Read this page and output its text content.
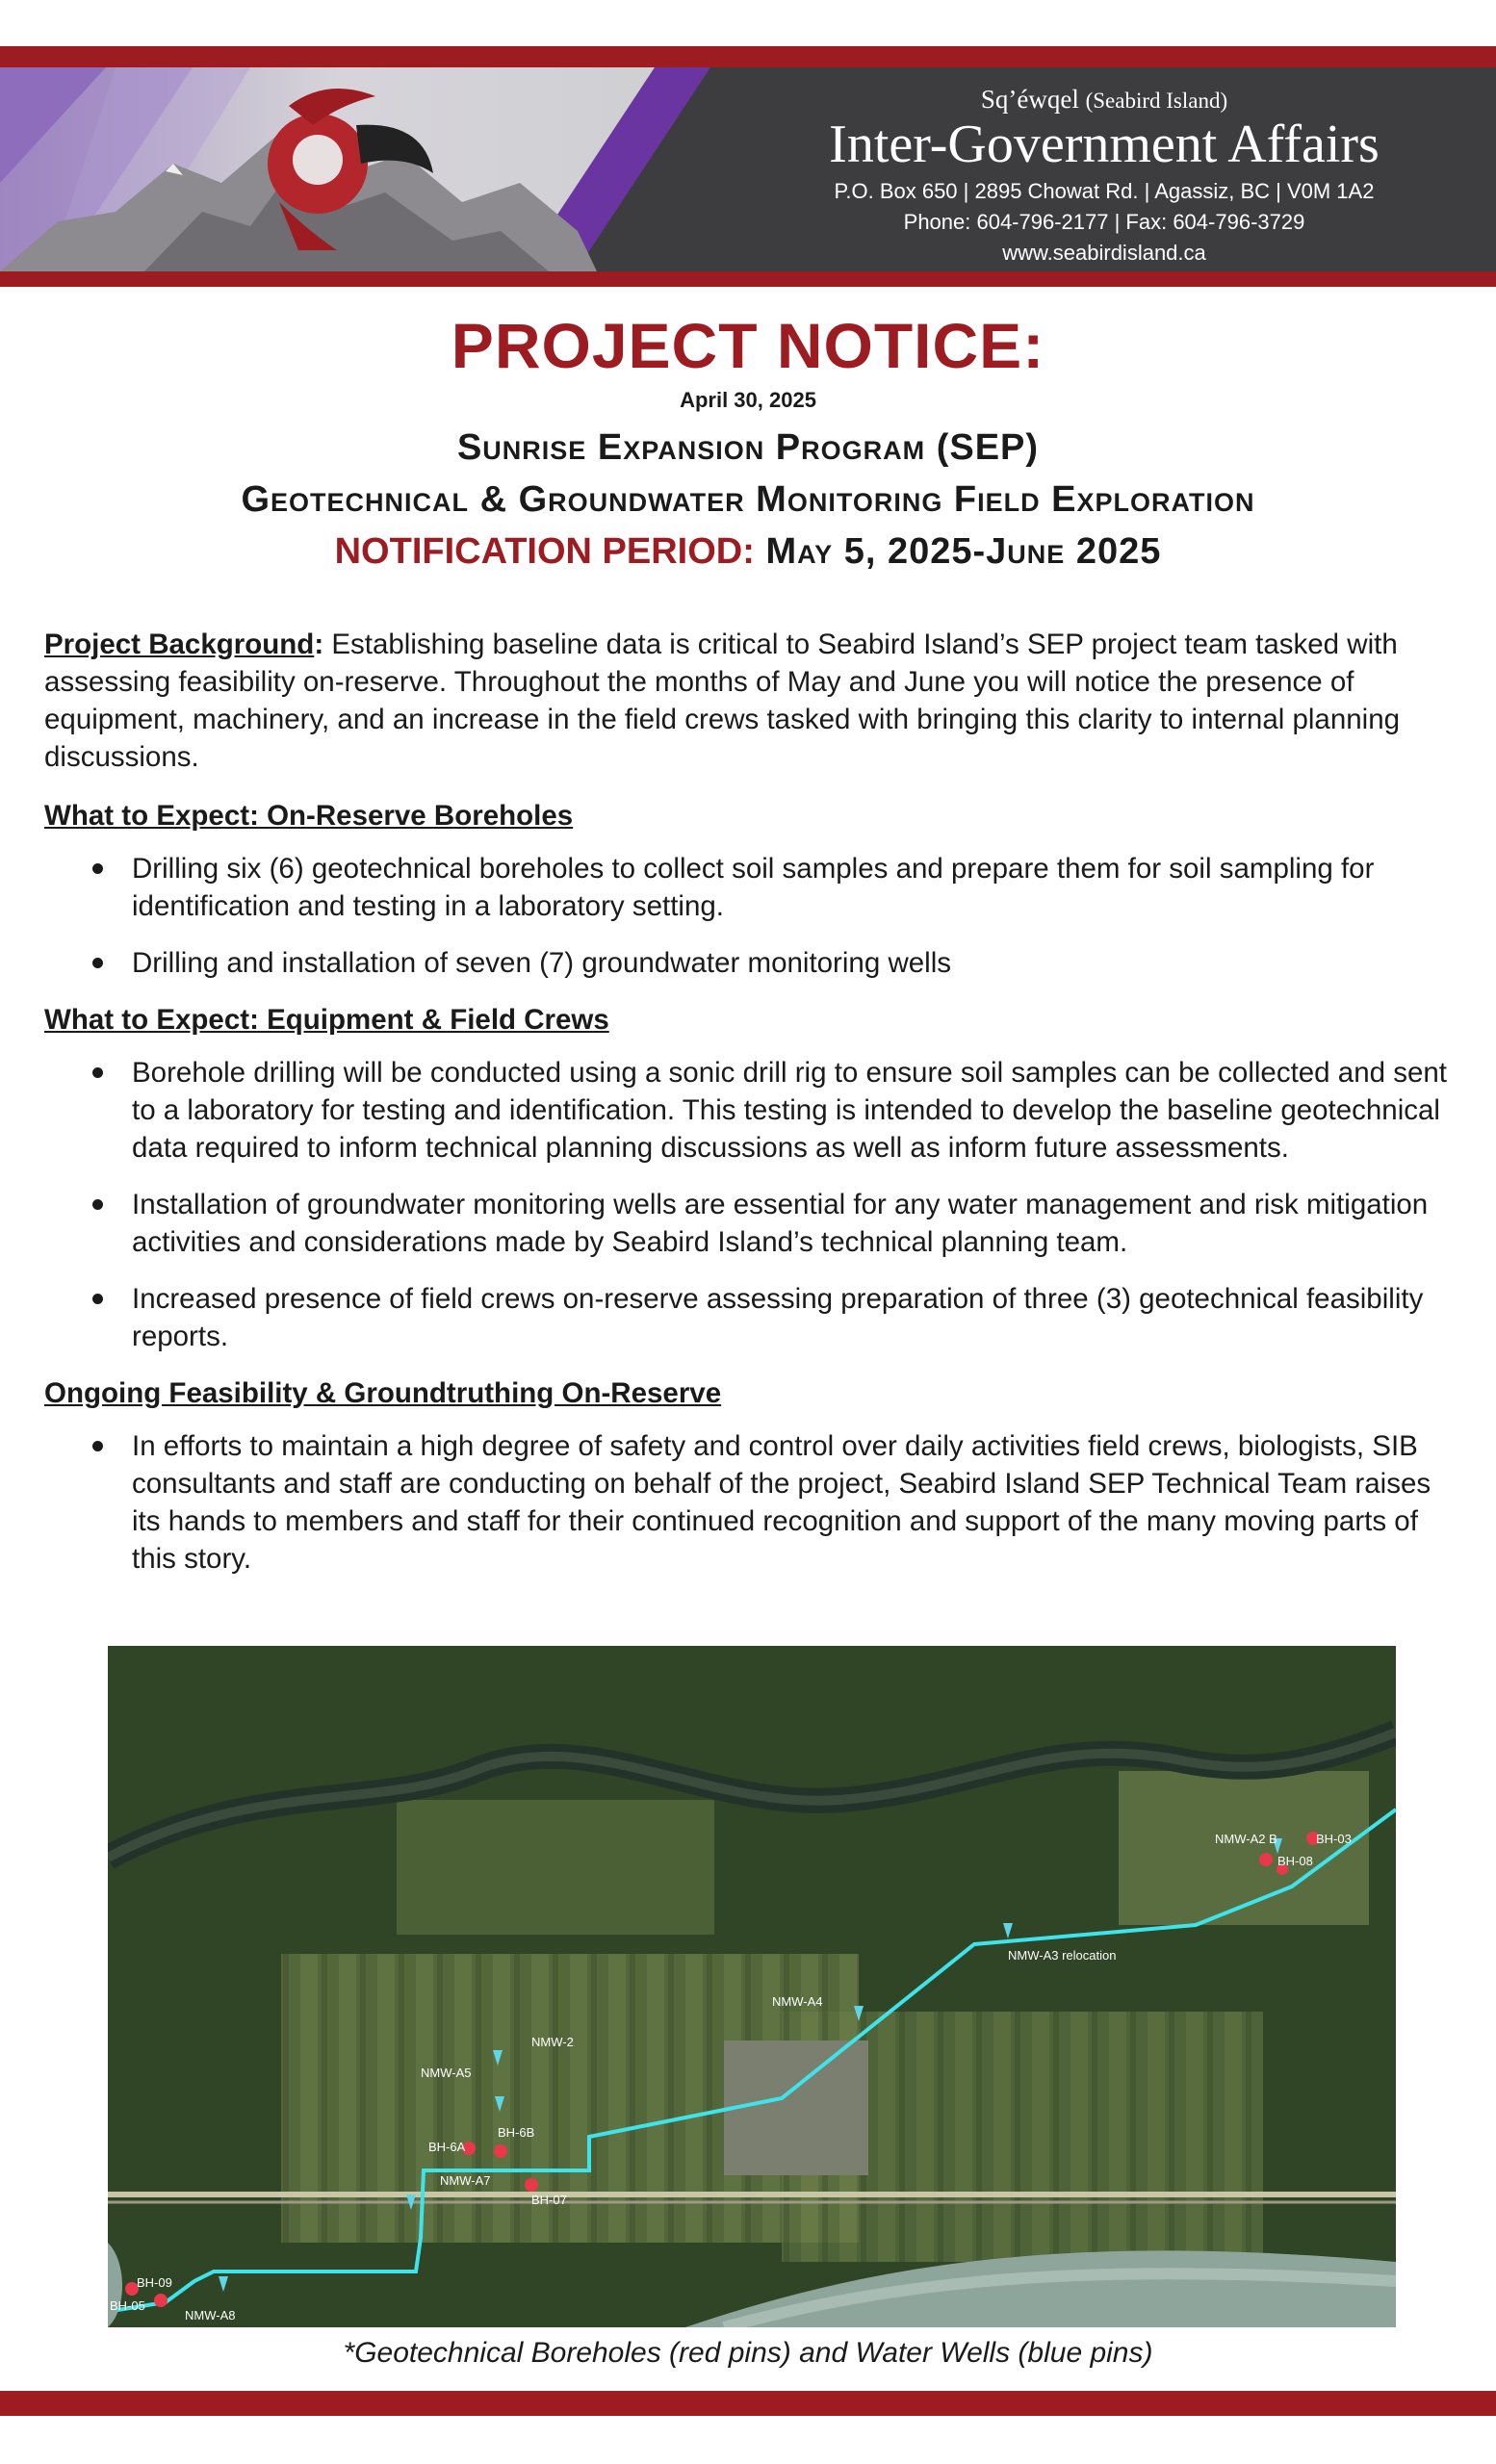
Sq’éwqel (Seabird Island)
Inter-Government Affairs
P.O. Box 650 | 2895 Chowat Rd. | Agassiz, BC | V0M 1A2
Phone: 604-796-2177 | Fax: 604-796-3729
www.seabirdisland.ca
PROJECT NOTICE:
April 30, 2025
Sunrise Expansion Program (SEP)
Geotechnical & Groundwater Monitoring Field Exploration
NOTIFICATION PERIOD: May 5, 2025-June 2025

Project Background: Establishing baseline data is critical to Seabird Island’s SEP project team tasked with assessing feasibility on-reserve. Throughout the months of May and June you will notice the presence of equipment, machinery, and an increase in the field crews tasked with bringing this clarity to internal planning discussions.

What to Expect: On-Reserve Boreholes
Drilling six (6) geotechnical boreholes to collect soil samples and prepare them for soil sampling for identification and testing in a laboratory setting.
Drilling and installation of seven (7) groundwater monitoring wells
What to Expect: Equipment & Field Crews
Borehole drilling will be conducted using a sonic drill rig to ensure soil samples can be collected and sent to a laboratory for testing and identification. This testing is intended to develop the baseline geotechnical data required to inform technical planning discussions as well as inform future assessments.
Installation of groundwater monitoring wells are essential for any water management and risk mitigation activities and considerations made by Seabird Island’s technical planning team.
Increased presence of field crews on-reserve assessing preparation of three (3) geotechnical feasibility reports.
Ongoing Feasibility & Groundtruthing On-Reserve
In efforts to maintain a high degree of safety and control over daily activities field crews, biologists, SIB consultants and staff are conducting on behalf of the project, Seabird Island SEP Technical Team raises its hands to members and staff for their continued recognition and support of the many moving parts of this story.
NMW-A2 B	BH-03
BH-08
NMW-A3 relocation
NMW-A4
NMW-A5
NMW-2
BH-6A
BH-6B
NMW-A7
BH-07
BH-09
BH-05
NMW-A8
*Geotechnical Boreholes (red pins) and Water Wells (blue pins)
